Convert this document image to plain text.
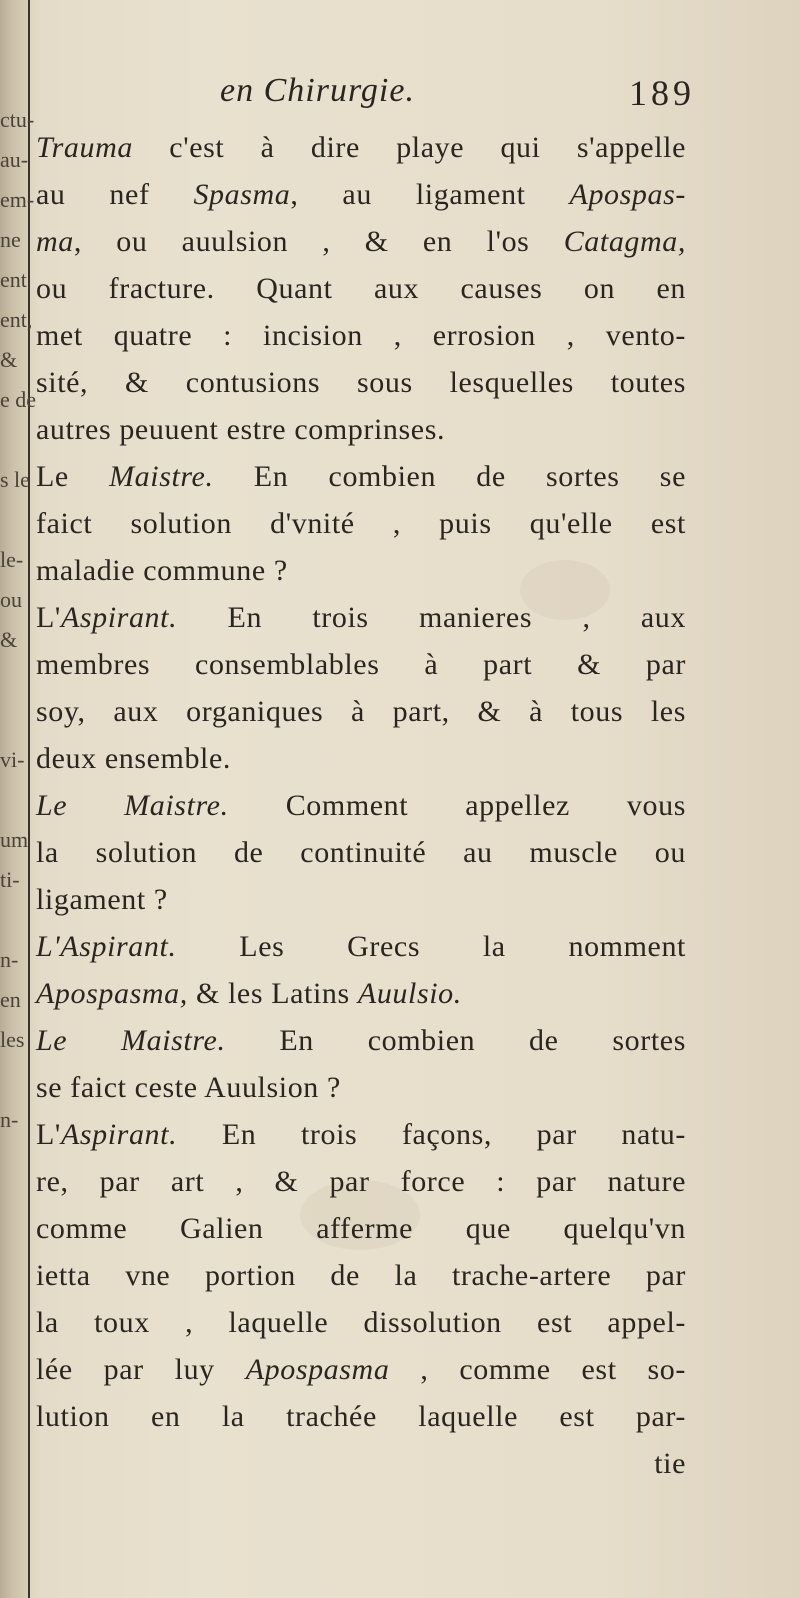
ctu-
au-
em-
ne
ent
ent,
&
e de
s le
le-
ou
&
vi-
um
ti-
n-
en
les
n-
en Chirurgie.	189
Trauma c'est à dire playe qui s'appelle
au nef Spasma, au ligament Apospas-
ma, ou auulsion , & en l'os Catagma,
ou fracture. Quant aux causes on en
met quatre : incision , errosion , vento-
sité, & contusions sous lesquelles toutes
autres peuuent estre comprinses.
Le Maistre. En combien de sortes se
faict solution d'vnité , puis qu'elle est
maladie commune ?
L'Aspirant. En trois manieres , aux
membres consemblables à part & par
soy, aux organiques à part, & à tous les
deux ensemble.
Le Maistre. Comment appellez vous
la solution de continuité au muscle ou
ligament ?
L'Aspirant. Les Grecs la nomment
Apospasma, & les Latins Auulsio.
Le Maistre. En combien de sortes
se faict ceste Auulsion ?
L'Aspirant. En trois façons, par natu-
re, par art , & par force : par nature
comme Galien afferme que quelqu'vn
ietta vne portion de la trache-artere par
la toux , laquelle dissolution est appel-
lée par luy Apospasma , comme est so-
lution en la trachée laquelle est par-
tie
